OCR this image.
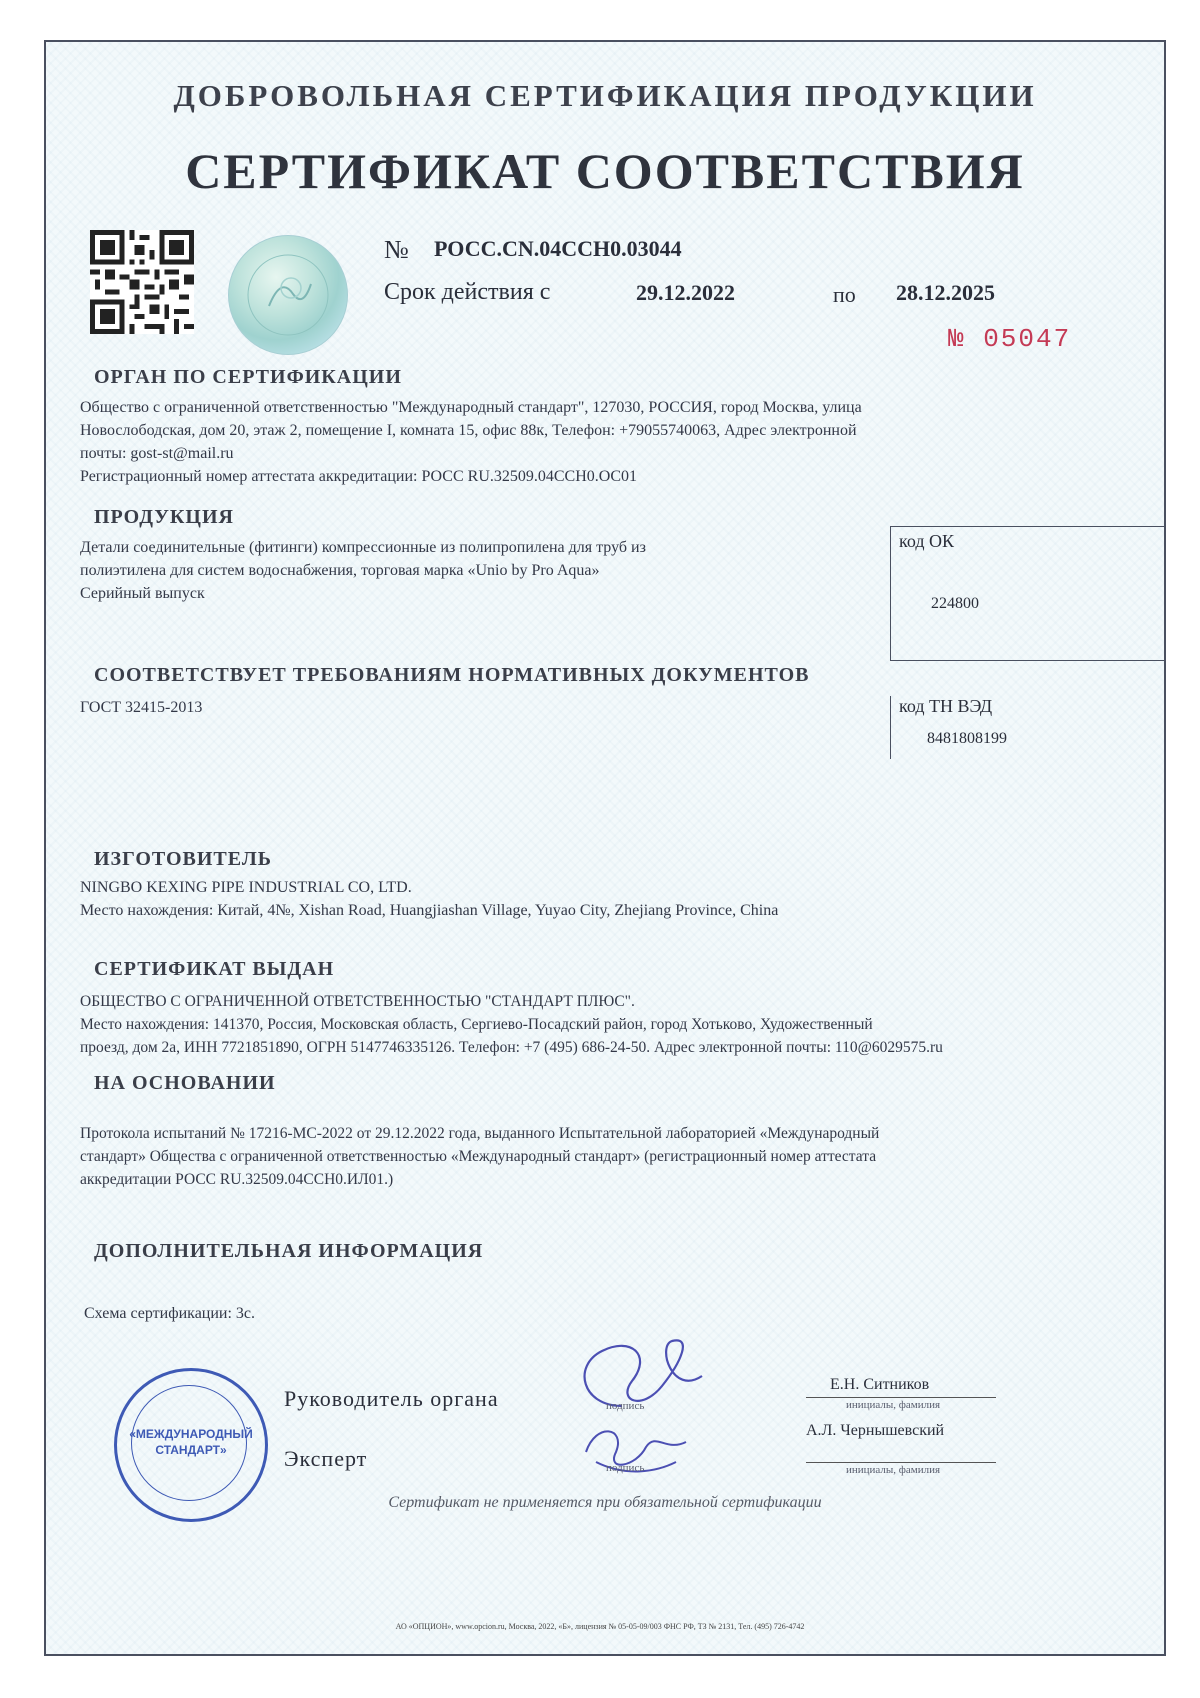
ДОБРОВОЛЬНАЯ СЕРТИФИКАЦИЯ ПРОДУКЦИИ
СЕРТИФИКАТ СООТВЕТСТВИЯ
№ РОСС.CN.04CCH0.03044
Срок действия с	29.12.2022	по 28.12.2025
№ 05047
ОРГАН ПО СЕРТИФИКАЦИИ
Общество с ограниченной ответственностью "Международный стандарт", 127030, РОССИЯ, город Москва, улица
Новослободская, дом 20, этаж 2, помещение I, комната 15, офис 88к, Телефон: +79055740063, Адрес электронной
почты: gost-st@mail.ru
Регистрационный номер аттестата аккредитации: РОСС RU.32509.04CCH0.OC01
ПРОДУКЦИЯ
Детали соединительные (фитинги) компрессионные из полипропилена для труб из
полиэтилена для систем водоснабжения, торговая марка «Unio by Pro Aqua»
Серийный выпуск
код ОК
224800
СООТВЕТСТВУЕТ ТРЕБОВАНИЯМ НОРМАТИВНЫХ ДОКУМЕНТОВ
ГОСТ 32415-2013	код ТН ВЭД
8481808199
ИЗГОТОВИТЕЛЬ
NINGBO KEXING PIPE INDUSTRIAL CO, LTD.
Место нахождения: Китай, 4№, Xishan Road, Huangjiashan Village, Yuyao City, Zhejiang Province, China
СЕРТИФИКАТ ВЫДАН
ОБЩЕСТВО С ОГРАНИЧЕННОЙ ОТВЕТСТВЕННОСТЬЮ "СТАНДАРТ ПЛЮС".
Место нахождения: 141370, Россия, Московская область, Сергиево-Посадский район, город Хотьково, Художественный
проезд, дом 2а, ИНН 7721851890, ОГРН 5147746335126. Телефон: +7 (495) 686-24-50. Адрес электронной почты: 110@6029575.ru
НА ОСНОВАНИИ
Протокола испытаний № 17216-МС-2022 от 29.12.2022 года, выданного Испытательной лабораторией «Международный
стандарт» Общества с ограниченной ответственностью «Международный стандарт» (регистрационный номер аттестата
аккредитации РОСС RU.32509.04CCH0.ИЛ01.)
ДОПОЛНИТЕЛЬНАЯ ИНФОРМАЦИЯ
Схема сертификации: 3с.
«МЕЖДУНАРОДНЫЙ
СТАНДАРТ»
Руководитель органа
Эксперт
подпись
подпись
Е.Н. Ситников
инициалы, фамилия
А.Л. Чернышевский
инициалы, фамилия
Сертификат не применяется при обязательной сертификации
АО «ОПЦИОН», www.opcion.ru, Москва, 2022, «Б», лицензия № 05-05-09/003 ФНС РФ, ТЗ № 2131, Тел. (495) 726-4742
